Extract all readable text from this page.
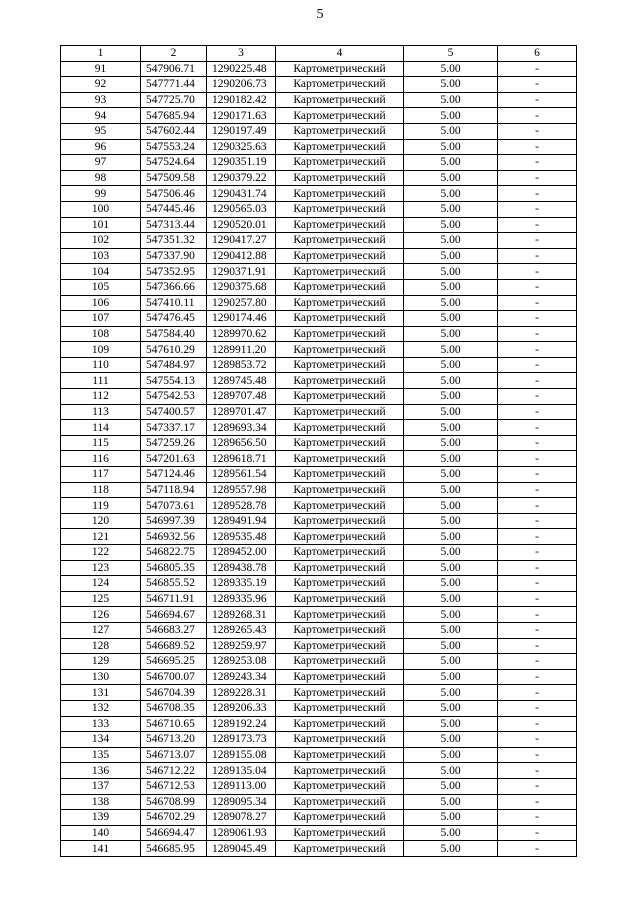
5
1	2	3	4	5	6
91	547906.71	1290225.48	Картометрический	5.00	-
92	547771.44	1290206.73	Картометрический	5.00	-
93	547725.70	1290182.42	Картометрический	5.00	-
94	547685.94	1290171.63	Картометрический	5.00	-
95	547602.44	1290197.49	Картометрический	5.00	-
96	547553.24	1290325.63	Картометрический	5.00	-
97	547524.64	1290351.19	Картометрический	5.00	-
98	547509.58	1290379.22	Картометрический	5.00	-
99	547506.46	1290431.74	Картометрический	5.00	-
100	547445.46	1290565.03	Картометрический	5.00	-
101	547313.44	1290520.01	Картометрический	5.00	-
102	547351.32	1290417.27	Картометрический	5.00	-
103	547337.90	1290412.88	Картометрический	5.00	-
104	547352.95	1290371.91	Картометрический	5.00	-
105	547366.66	1290375.68	Картометрический	5.00	-
106	547410.11	1290257.80	Картометрический	5.00	-
107	547476.45	1290174.46	Картометрический	5.00	-
108	547584.40	1289970.62	Картометрический	5.00	-
109	547610.29	1289911.20	Картометрический	5.00	-
110	547484.97	1289853.72	Картометрический	5.00	-
111	547554.13	1289745.48	Картометрический	5.00	-
112	547542.53	1289707.48	Картометрический	5.00	-
113	547400.57	1289701.47	Картометрический	5.00	-
114	547337.17	1289693.34	Картометрический	5.00	-
115	547259.26	1289656.50	Картометрический	5.00	-
116	547201.63	1289618.71	Картометрический	5.00	-
117	547124.46	1289561.54	Картометрический	5.00	-
118	547118.94	1289557.98	Картометрический	5.00	-
119	547073.61	1289528.78	Картометрический	5.00	-
120	546997.39	1289491.94	Картометрический	5.00	-
121	546932.56	1289535.48	Картометрический	5.00	-
122	546822.75	1289452.00	Картометрический	5.00	-
123	546805.35	1289438.78	Картометрический	5.00	-
124	546855.52	1289335.19	Картометрический	5.00	-
125	546711.91	1289335.96	Картометрический	5.00	-
126	546694.67	1289268.31	Картометрический	5.00	-
127	546683.27	1289265.43	Картометрический	5.00	-
128	546689.52	1289259.97	Картометрический	5.00	-
129	546695.25	1289253.08	Картометрический	5.00	-
130	546700.07	1289243.34	Картометрический	5.00	-
131	546704.39	1289228.31	Картометрический	5.00	-
132	546708.35	1289206.33	Картометрический	5.00	-
133	546710.65	1289192.24	Картометрический	5.00	-
134	546713.20	1289173.73	Картометрический	5.00	-
135	546713.07	1289155.08	Картометрический	5.00	-
136	546712.22	1289135.04	Картометрический	5.00	-
137	546712.53	1289113.00	Картометрический	5.00	-
138	546708.99	1289095.34	Картометрический	5.00	-
139	546702.29	1289078.27	Картометрический	5.00	-
140	546694.47	1289061.93	Картометрический	5.00	-
141	546685.95	1289045.49	Картометрический	5.00	-
